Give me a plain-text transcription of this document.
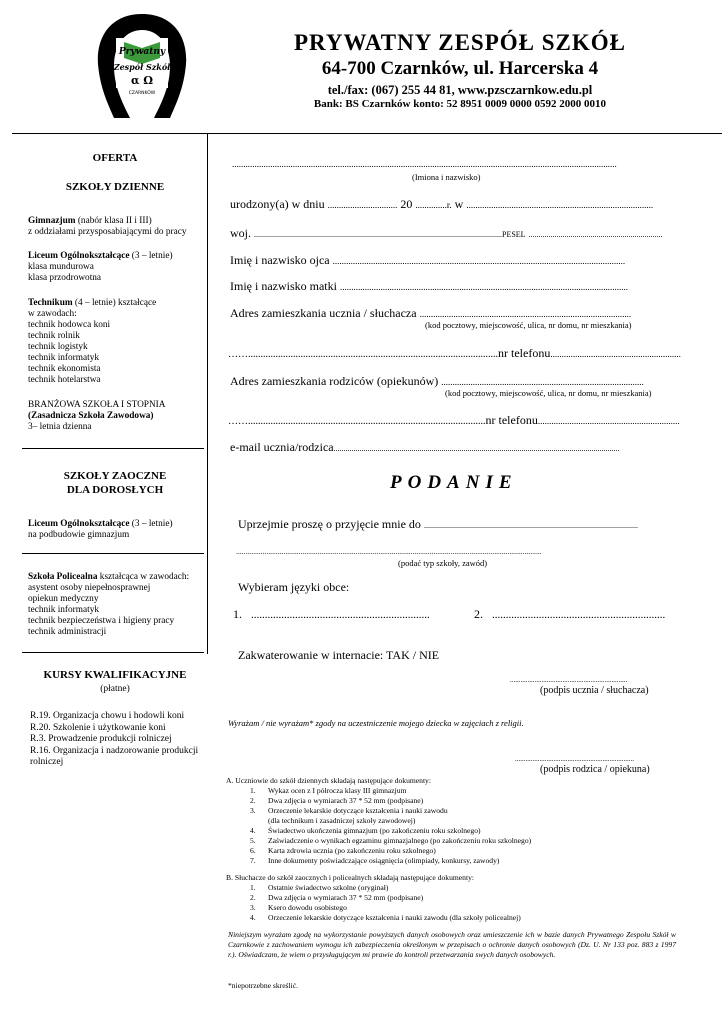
Prywatny
Zespół Szkół
α Ω
CZARNKÓW
PRYWATNY ZESPÓŁ SZKÓŁ
64-700 Czarnków, ul. Harcerska 4
tel./fax: (067) 255 44 81, www.pzsczarnkow.edu.pl
Bank: BS Czarnków konto: 52 8951 0009 0000 0592 2000 0010
OFERTA
SZKOŁY DZIENNE
Gimnazjum (nabór klasa II i III)
z oddziałami przysposabiającymi do pracy
Liceum Ogólnokształcące (3 – letnie)
klasa mundurowa
klasa przodrowotna
Technikum (4 – letnie) kształcące
w zawodach:
technik hodowca koni
technik rolnik
technik logistyk
technik informatyk
technik ekonomista
technik hotelarstwa
BRANŻOWA SZKOŁA I STOPNIA
(Zasadnicza Szkoła Zawodowa)
3– letnia dzienna
SZKOŁY ZAOCZNE
DLA DOROSŁYCH
Liceum Ogólnokształcące (3 – letnie)
na podbudowie gimnazjum
Szkoła Policealna kształcąca w zawodach:
asystent osoby niepełnosprawnej
opiekun medyczny
technik informatyk
technik bezpieczeństwa i higieny pracy
technik administracji
KURSY KWALIFIKACYJNE
(płatne)
R.19. Organizacja chowu i hodowli koni
R.20. Szkolenie i użytkowanie koni
R.3. Prowadzenie produkcji rolniczej
R.16. Organizacja i nadzorowanie produkcji
rolniczej
...........................................................................................................................................................................
(Imiona i nazwisko)
urodzony(a) w dniu ............................... 20 ..............r. w ...................................................................................
woj. ............................................................................................................................PESEL ...................................................................
Imię i nazwisko ojca ..................................................................................................................................
Imię i nazwisko matki ................................................................................................................................
Adres zamieszkania ucznia / słuchacza ..............................................................................................
(kod pocztowy, miejscowość, ulica, nr domu, nr mieszkania)
……....................................................................................................nr telefonu..........................................................
Adres zamieszkania rodziców (opiekunów) ..........................................................................................
(kod pocztowy, miejscowość, ulica, nr domu, nr mieszkania)
……...............................................................................................nr telefonu...............................................................
e-mail ucznia/rodzica...............................................................................................................................................
PODANIE
Uprzejmie proszę o przyjęcie mnie do ...........................................................................................................
.................................................................................................................................................................
(podać typ szkoły, zawód)
Wybieram języki obce:
1. .................................................................	2. ...............................................................
Zakwaterowanie w internacie: TAK / NIE
...................................................................
(podpis ucznia / słuchacza)
Wyrażam / nie wyrażam* zgody na uczestniczenie mojego dziecka w zajęciach z religii.
....................................................................
(podpis rodzica / opiekuna)
A. Uczniowie do szkół dziennych składają następujące dokumenty:
1. Wykaz ocen z I półrocza klasy III gimnazjum
2. Dwa zdjęcia o wymiarach 37 * 52 mm (podpisane)
3. Orzeczenie lekarskie dotyczące kształcenia i nauki zawodu
(dla technikum i zasadniczej szkoły zawodowej)
4. Świadectwo ukończenia gimnazjum (po zakończeniu roku szkolnego)
5. Zaświadczenie o wynikach egzaminu gimnazjalnego (po zakończeniu roku szkolnego)
6. Karta zdrowia ucznia (po zakończeniu roku szkolnego)
7. Inne dokumenty poświadczające osiągnięcia (olimpiady, konkursy, zawody)
B. Słuchacze do szkół zaocznych i policealnych składają następujące dokumenty:
1. Ostatnie świadectwo szkolne (oryginał)
2. Dwa zdjęcia o wymiarach 37 * 52 mm (podpisane)
3. Ksero dowodu osobistego
4. Orzeczenie lekarskie dotyczące kształcenia i nauki zawodu (dla szkoły policealnej)
Niniejszym wyrażam zgodę na wykorzystanie powyższych danych osobowych oraz umieszczenie ich w bazie danych Prywatnego Zespołu Szkół w Czarnkowie z zachowaniem wymogu ich zabezpieczenia określonym w przepisach o ochronie danych osobowych (Dz. U. Nr 133 poz. 883 z 1997 r.). Oświadczam, że wiem o przysługującym mi prawie do kontroli przetwarzania swych danych osobowych.
*niepotrzebne skreślić.
